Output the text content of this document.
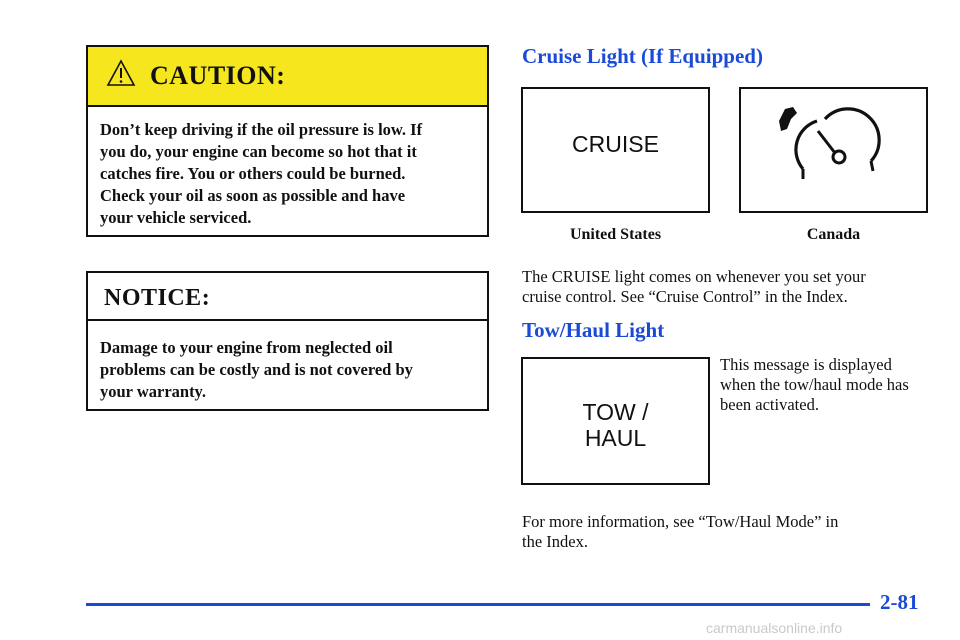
CAUTION:
Don’t keep driving if the oil pressure is low. If
you do, your engine can become so hot that it
catches fire. You or others could be burned.
Check your oil as soon as possible and have
your vehicle serviced.
NOTICE:
Damage to your engine from neglected oil
problems can be costly and is not covered by
your warranty.
Cruise Light (If Equipped)
CRUISE
United States	Canada
The CRUISE light comes on whenever you set your
cruise control. See “Cruise Control” in the Index.
Tow/Haul Light
TOW /
HAUL
This message is displayed
when the tow/haul mode has
been activated.
For more information, see “Tow/Haul Mode” in
the Index.
2-81
carmanualsonline.info
